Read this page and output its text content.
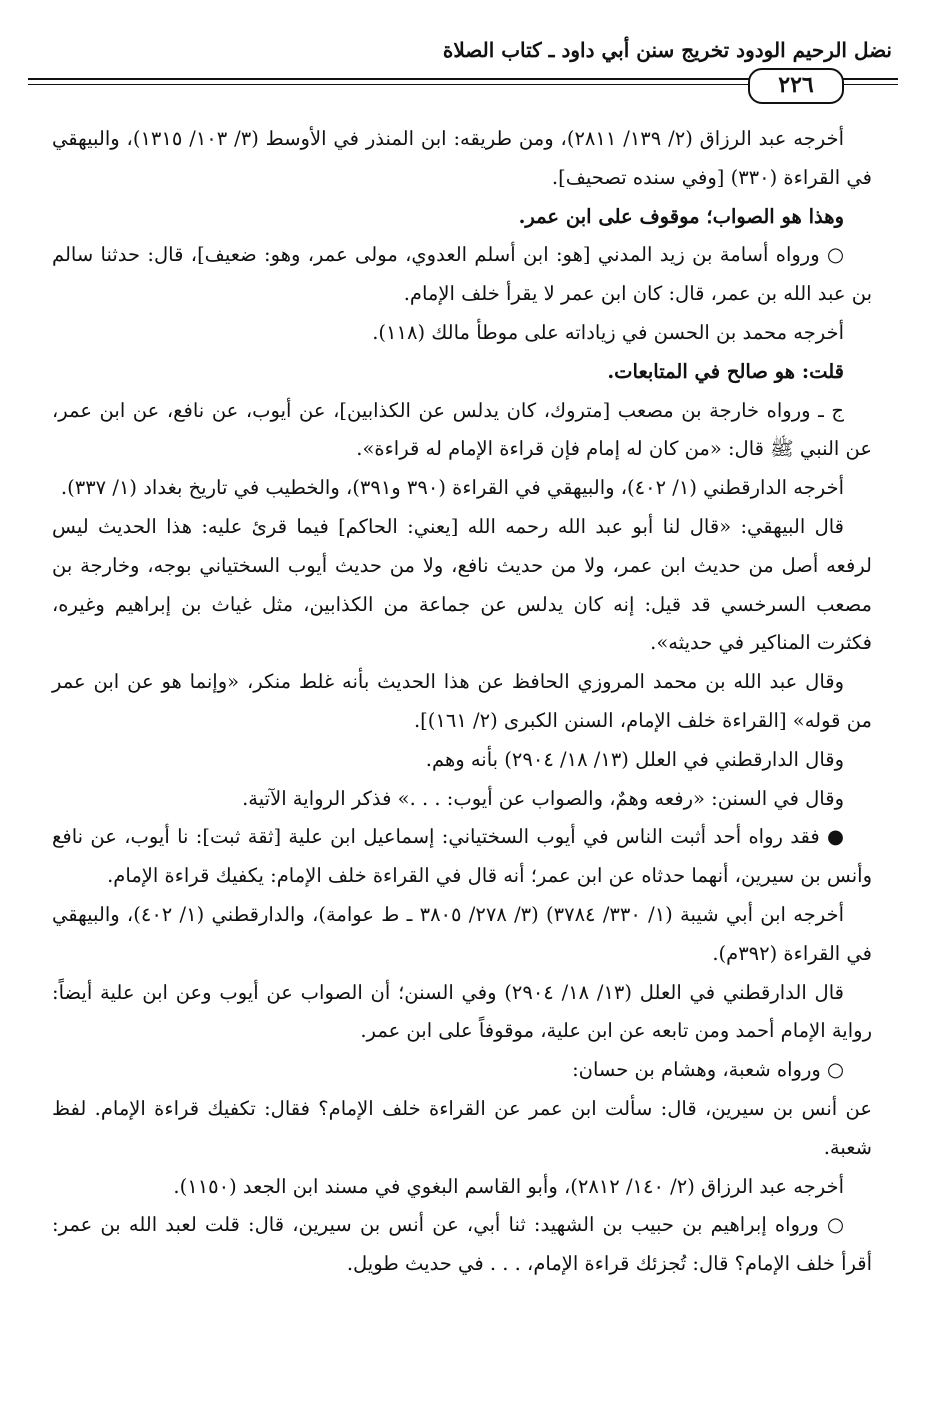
نضل الرحيم الودود تخريج سنن أبي داود ـ كتاب الصلاة
٢٢٦

أخرجه عبد الرزاق (٢/ ١٣٩/ ٢٨١١)، ومن طريقه: ابن المنذر في الأوسط (٣/ ١٠٣/ ١٣١٥)، والبيهقي في القراءة (٣٣٠) [وفي سنده تصحيف].

وهذا هو الصواب؛ موقوف على ابن عمر.

○ ورواه أسامة بن زيد المدني [هو: ابن أسلم العدوي، مولى عمر، وهو: ضعيف]، قال: حدثنا سالم بن عبد الله بن عمر، قال: كان ابن عمر لا يقرأ خلف الإمام.

أخرجه محمد بن الحسن في زياداته على موطأ مالك (١١٨).

قلت: هو صالح في المتابعات.

ج ـ ورواه خارجة بن مصعب [متروك، كان يدلس عن الكذابين]، عن أيوب، عن نافع، عن ابن عمر، عن النبي ﷺ قال: «من كان له إمام فإن قراءة الإمام له قراءة».

أخرجه الدارقطني (١/ ٤٠٢)، والبيهقي في القراءة (٣٩٠ و٣٩١)، والخطيب في تاريخ بغداد (١/ ٣٣٧).

قال البيهقي: «قال لنا أبو عبد الله رحمه الله [يعني: الحاكم] فيما قرئ عليه: هذا الحديث ليس لرفعه أصل من حديث ابن عمر، ولا من حديث نافع، ولا من حديث أيوب السختياني بوجه، وخارجة بن مصعب السرخسي قد قيل: إنه كان يدلس عن جماعة من الكذابين، مثل غياث بن إبراهيم وغيره، فكثرت المناكير في حديثه».

وقال عبد الله بن محمد المروزي الحافظ عن هذا الحديث بأنه غلط منكر، «وإنما هو عن ابن عمر من قوله» [القراءة خلف الإمام، السنن الكبرى (٢/ ١٦١)].

وقال الدارقطني في العلل (١٣/ ١٨/ ٢٩٠٤) بأنه وهم.

وقال في السنن: «رفعه وهمٌ، والصواب عن أيوب: . . .» فذكر الرواية الآتية.

● فقد رواه أحد أثبت الناس في أيوب السختياني: إسماعيل ابن علية [ثقة ثبت]: نا أيوب، عن نافع وأنس بن سيرين، أنهما حدثاه عن ابن عمر؛ أنه قال في القراءة خلف الإمام: يكفيك قراءة الإمام.

أخرجه ابن أبي شيبة (١/ ٣٣٠/ ٣٧٨٤) (٣/ ٢٧٨/ ٣٨٠٥ ـ ط عوامة)، والدارقطني (١/ ٤٠٢)، والبيهقي في القراءة (٣٩٢م).

قال الدارقطني في العلل (١٣/ ١٨/ ٢٩٠٤) وفي السنن؛ أن الصواب عن أيوب وعن ابن علية أيضاً: رواية الإمام أحمد ومن تابعه عن ابن علية، موقوفاً على ابن عمر.

○ ورواه شعبة، وهشام بن حسان:

عن أنس بن سيرين، قال: سألت ابن عمر عن القراءة خلف الإمام؟ فقال: تكفيك قراءة الإمام. لفظ شعبة.

أخرجه عبد الرزاق (٢/ ١٤٠/ ٢٨١٢)، وأبو القاسم البغوي في مسند ابن الجعد (١١٥٠).

○ ورواه إبراهيم بن حبيب بن الشهيد: ثنا أبي، عن أنس بن سيرين، قال: قلت لعبد الله بن عمر: أقرأ خلف الإمام؟ قال: تُجزئك قراءة الإمام، . . . في حديث طويل.
